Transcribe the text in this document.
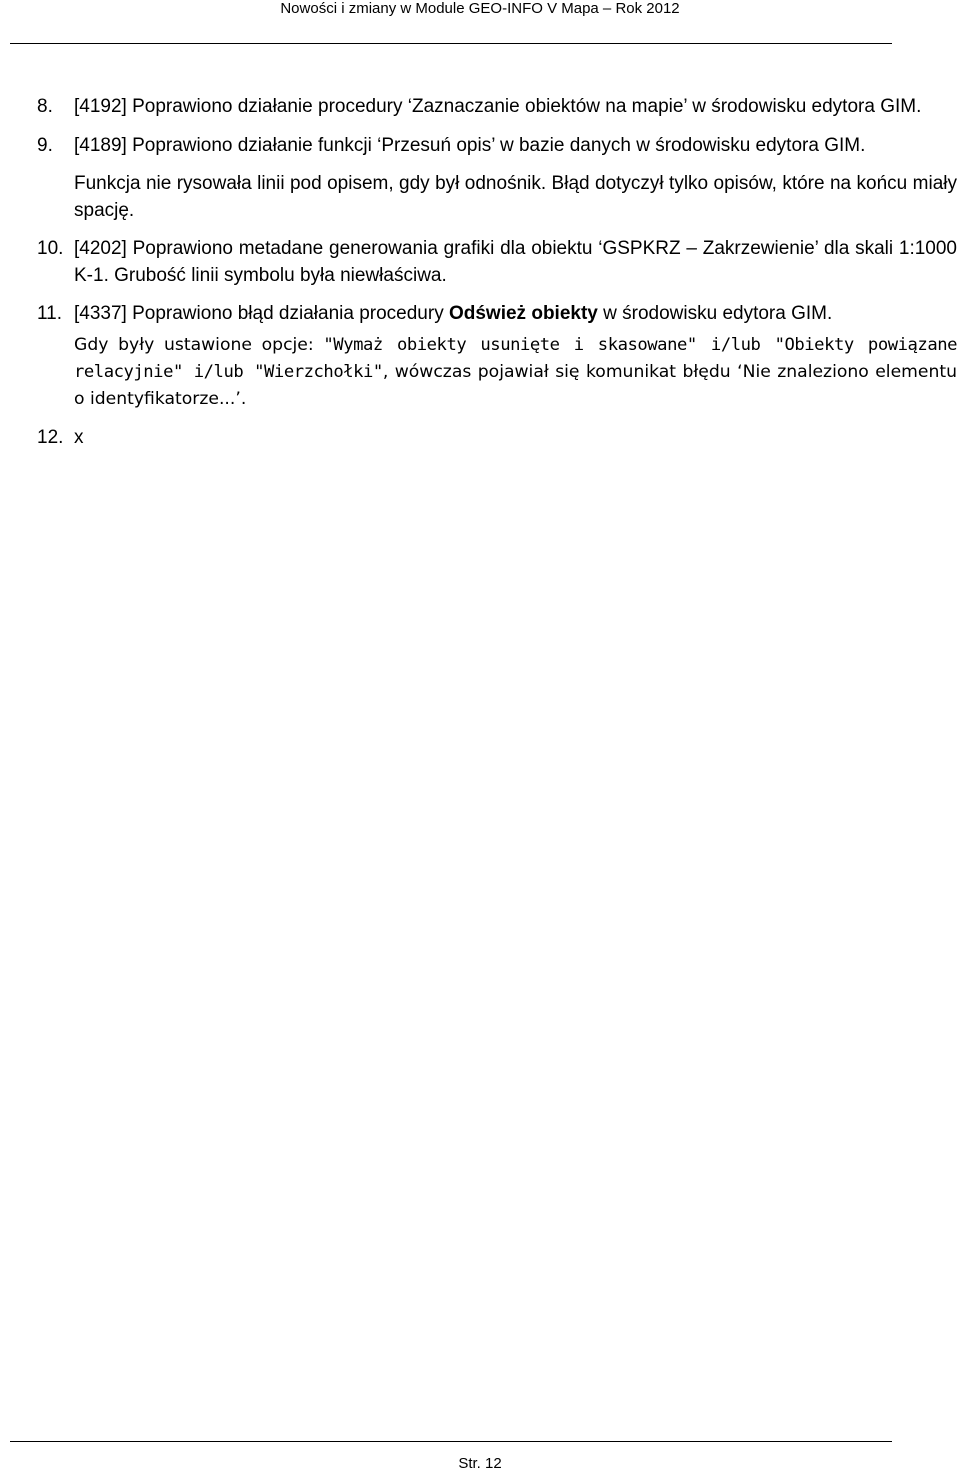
Nowości i zmiany w Module GEO-INFO V Mapa – Rok 2012
8. [4192] Poprawiono działanie procedury ‘Zaznaczanie obiektów na mapie’ w środowisku edytora GIM.
9. [4189] Poprawiono działanie funkcji ‘Przesuń opis’ w bazie danych w środowisku edytora GIM.
Funkcja nie rysowała linii pod opisem, gdy był odnośnik. Błąd dotyczył tylko opisów, które na końcu miały spację.
10. [4202] Poprawiono metadane generowania grafiki dla obiektu ‘GSPKRZ – Zakrzewienie’ dla skali 1:1000 K-1. Grubość linii symbolu była niewłaściwa.
11. [4337] Poprawiono błąd działania procedury Odśwież obiekty w środowisku edytora GIM.
Gdy były ustawione opcje: "Wymaż obiekty usunięte i skasowane" i/lub "Obiekty powiązane relacyjnie" i/lub "Wierzchołki", wówczas pojawiał się komunikat błędu ‘Nie znaleziono elementu o identyfikatorze...’.
12. x
Str. 12
